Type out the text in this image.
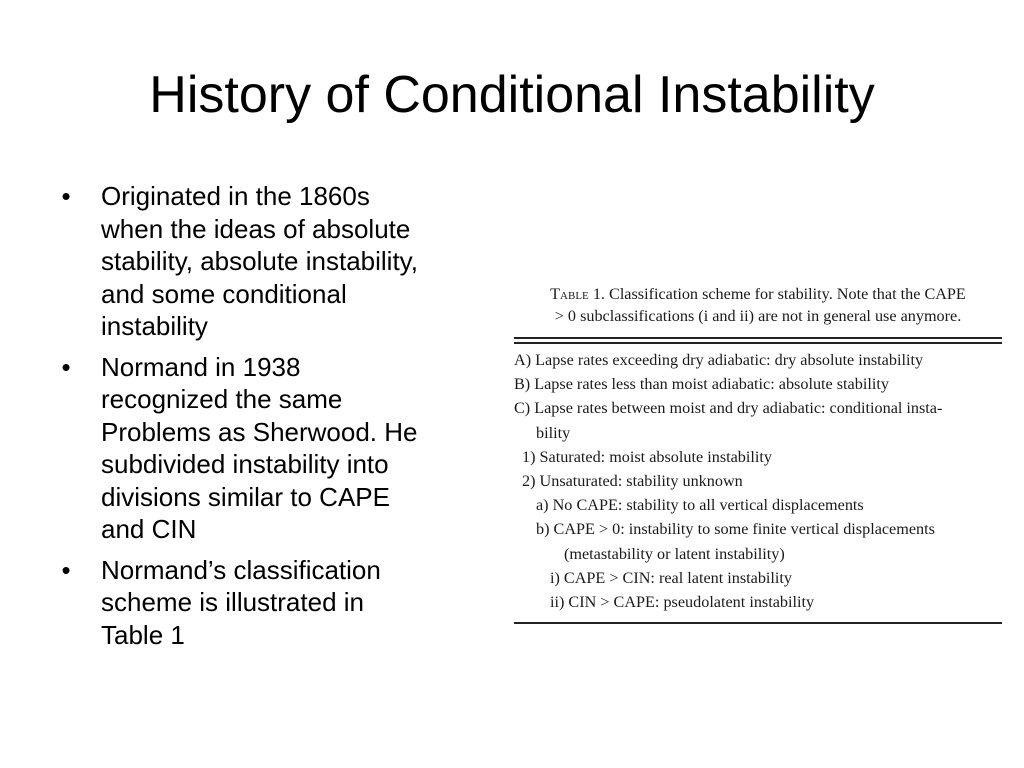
History of Conditional Instability
• Originated in the 1860s
when the ideas of absolute
stability, absolute instability,
and some conditional
instability
• Normand in 1938
recognized the same
Problems as Sherwood. He
subdivided instability into
divisions similar to CAPE
and CIN
• Normand’s classification
scheme is illustrated in
Table 1

Table 1. Classification scheme for stability. Note that the CAPE
> 0 subclassifications (i and ii) are not in general use anymore.

A) Lapse rates exceeding dry adiabatic: dry absolute instability
B) Lapse rates less than moist adiabatic: absolute stability
C) Lapse rates between moist and dry adiabatic: conditional insta-
bility
1) Saturated: moist absolute instability
2) Unsaturated: stability unknown
a) No CAPE: stability to all vertical displacements
b) CAPE > 0: instability to some finite vertical displacements
(metastability or latent instability)
i) CAPE > CIN: real latent instability
ii) CIN > CAPE: pseudolatent instability
